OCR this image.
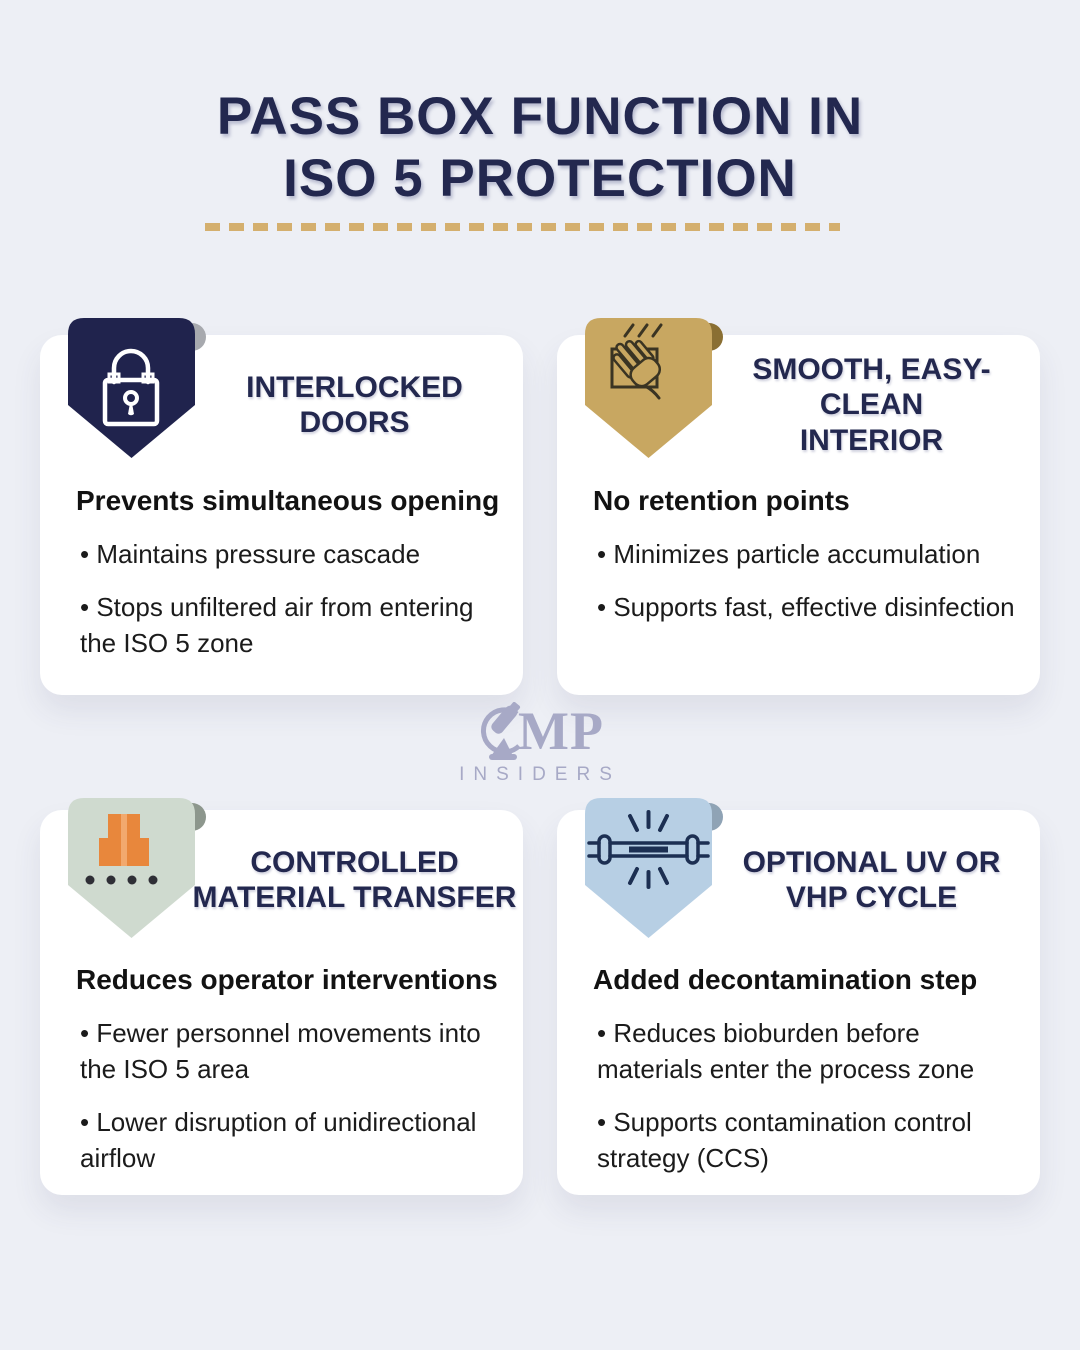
PASS BOX FUNCTION IN
ISO 5 PROTECTION
INTERLOCKED DOORS

Prevents simultaneous opening

• Maintains pressure cascade

• Stops unfiltered air from entering the ISO 5 zone

SMOOTH, EASY-CLEAN
INTERIOR

No retention points

• Minimizes particle accumulation

• Supports fast, effective disinfection

MP
INSIDERS
CONTROLLED
MATERIAL TRANSFER

Reduces operator interventions

• Fewer personnel movements into the ISO 5 area

• Lower disruption of unidirectional airflow

OPTIONAL UV OR
VHP CYCLE

Added decontamination step

• Reduces bioburden before materials enter the process zone

• Supports contamination control strategy (CCS)
